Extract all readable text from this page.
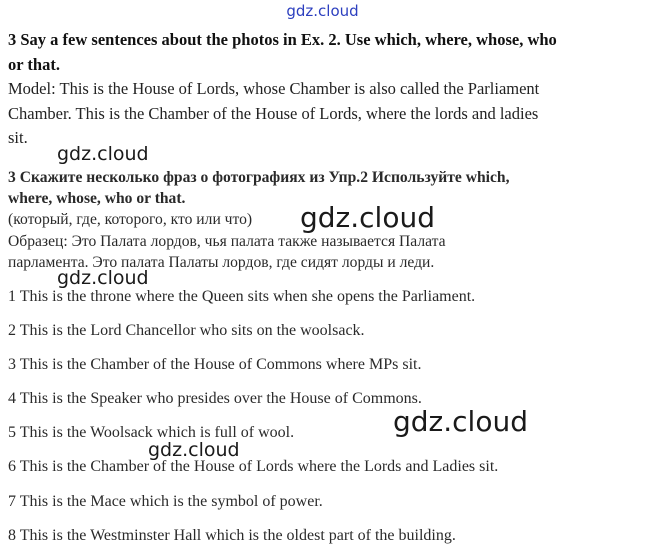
gdz.cloud
3 Say a few sentences about the photos in Ex. 2. Use which, where, whose, who
or that.
Model: This is the House of Lords, whose Chamber is also called the Parliament
Chamber. This is the Chamber of the House of Lords, where the lords and ladies
sit.
3 Скажите несколько фраз о фотографиях из Упр.2 Используйте which,
where, whose, who or that.
(который, где, которого, кто или что)
Образец: Это Палата лордов, чья палата также называется Палата
парламента. Это палата Палаты лордов, где сидят лорды и леди.
1 This is the throne where the Queen sits when she opens the Parliament.
2 This is the Lord Chancellor who sits on the woolsack.
3 This is the Chamber of the House of Commons where MPs sit.
4 This is the Speaker who presides over the House of Commons.
5 This is the Woolsack which is full of wool.
6 This is the Chamber of the House of Lords where the Lords and Ladies sit.
7 This is the Mace which is the symbol of power.
8 This is the Westminster Hall which is the oldest part of the building.
gdz.cloud
gdz.cloud
gdz.cloud
gdz.cloud
gdz.cloud
